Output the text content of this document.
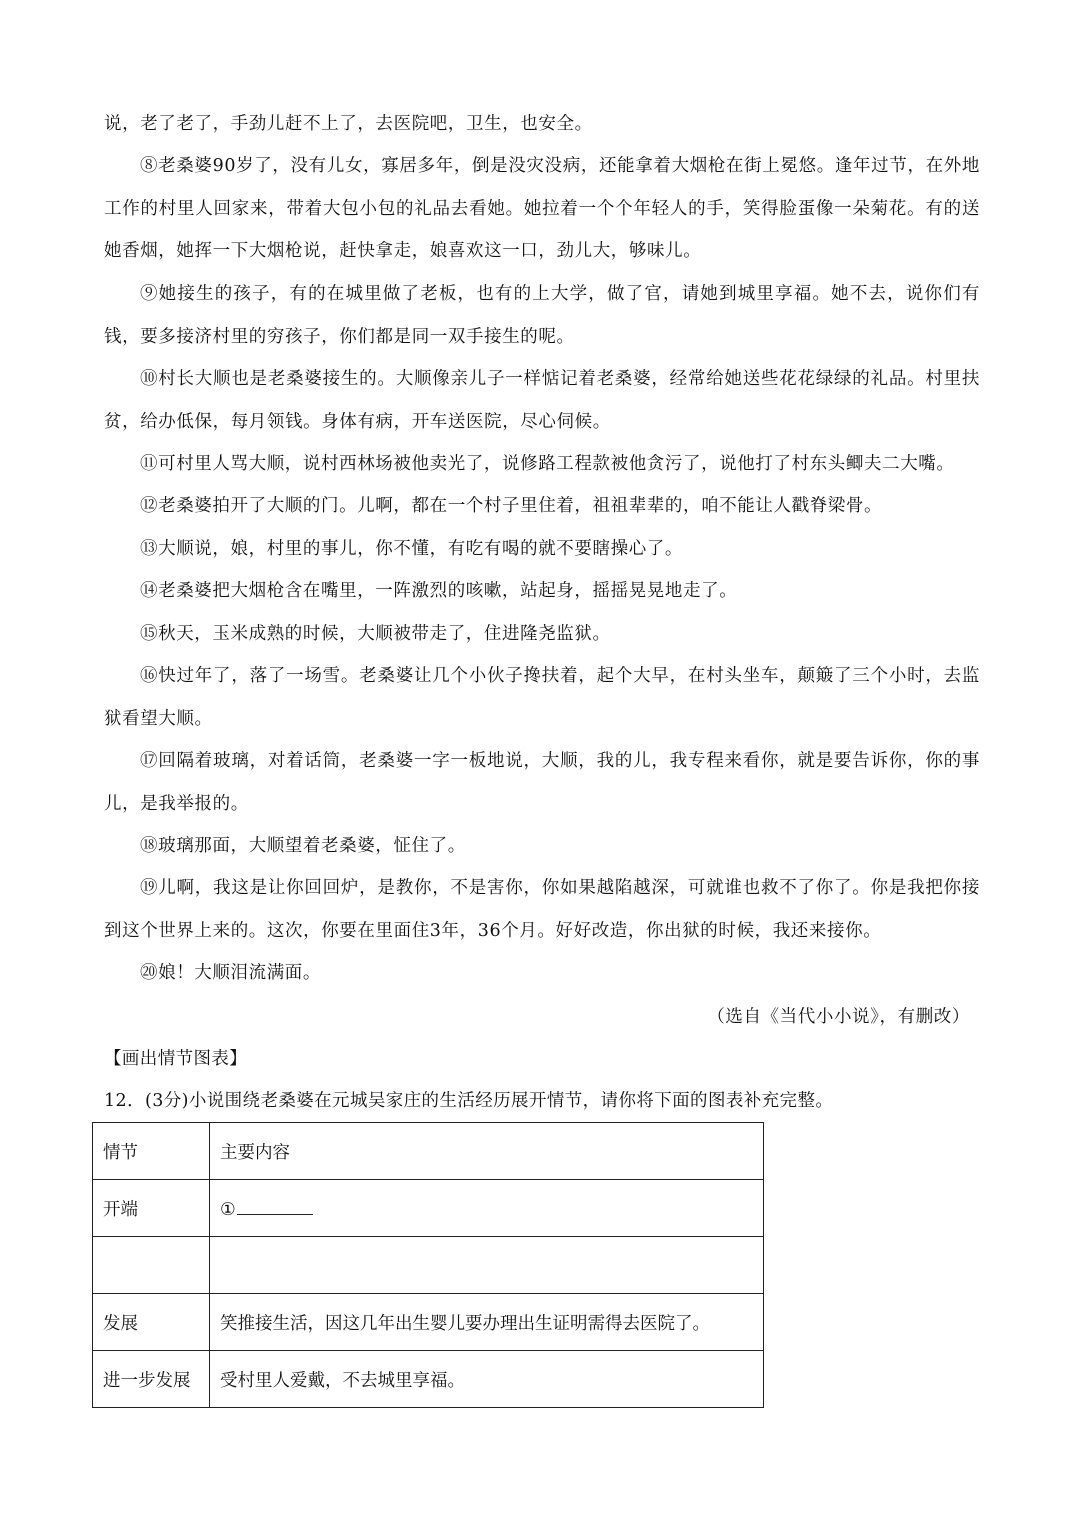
说，老了老了，手劲儿赶不上了，去医院吧，卫生，也安全。

⑧老桑婆90岁了，没有儿女，寡居多年，倒是没灾没病，还能拿着大烟枪在街上冕悠。逢年过节，在外地工作的村里人回家来，带着大包小包的礼品去看她。她拉着一个个年轻人的手，笑得脸蛋像一朵菊花。有的送她香烟，她挥一下大烟枪说，赶快拿走，娘喜欢这一口，劲儿大，够味儿。

⑨她接生的孩子，有的在城里做了老板，也有的上大学，做了官，请她到城里享福。她不去，说你们有钱，要多接济村里的穷孩子，你们都是同一双手接生的呢。

⑩村长大顺也是老桑婆接生的。大顺像亲儿子一样惦记着老桑婆，经常给她送些花花绿绿的礼品。村里扶贫，给办低保，每月领钱。身体有病，开车送医院，尽心伺候。

⑪可村里人骂大顺，说村西林场被他卖光了，说修路工程款被他贪污了，说他打了村东头鲫夫二大嘴。

⑫老桑婆拍开了大顺的门。儿啊，都在一个村子里住着，祖祖辈辈的，咱不能让人戳脊梁骨。

⑬大顺说，娘，村里的事儿，你不懂，有吃有喝的就不要瞎操心了。

⑭老桑婆把大烟枪含在嘴里，一阵激烈的咳嗽，站起身，摇摇晃晃地走了。

⑮秋天，玉米成熟的时候，大顺被带走了，住进隆尧监狱。

⑯快过年了，落了一场雪。老桑婆让几个小伙子搀扶着，起个大早，在村头坐车，颠簸了三个小时，去监狱看望大顺。

⑰回隔着玻璃，对着话筒，老桑婆一字一板地说，大顺，我的儿，我专程来看你，就是要告诉你，你的事儿，是我举报的。

⑱玻璃那面，大顺望着老桑婆，怔住了。

⑲儿啊，我这是让你回回炉，是教你，不是害你，你如果越陷越深，可就谁也救不了你了。你是我把你接到这个世界上来的。这次，你要在里面住3年，36个月。好好改造，你出狱的时候，我还来接你。

⑳娘！大顺泪流满面。

（选自《当代小小说》，有删改）
【画出情节图表】
12．(3分)小说围绕老桑婆在元城吴家庄的生活经历展开情节，请你将下面的图表补充完整。
情节	主要内容
开端	①

发展	笑推接生活，因这几年出生婴儿要办理出生证明需得去医院了。
进一步发展	受村里人爱戴，不去城里享福。
